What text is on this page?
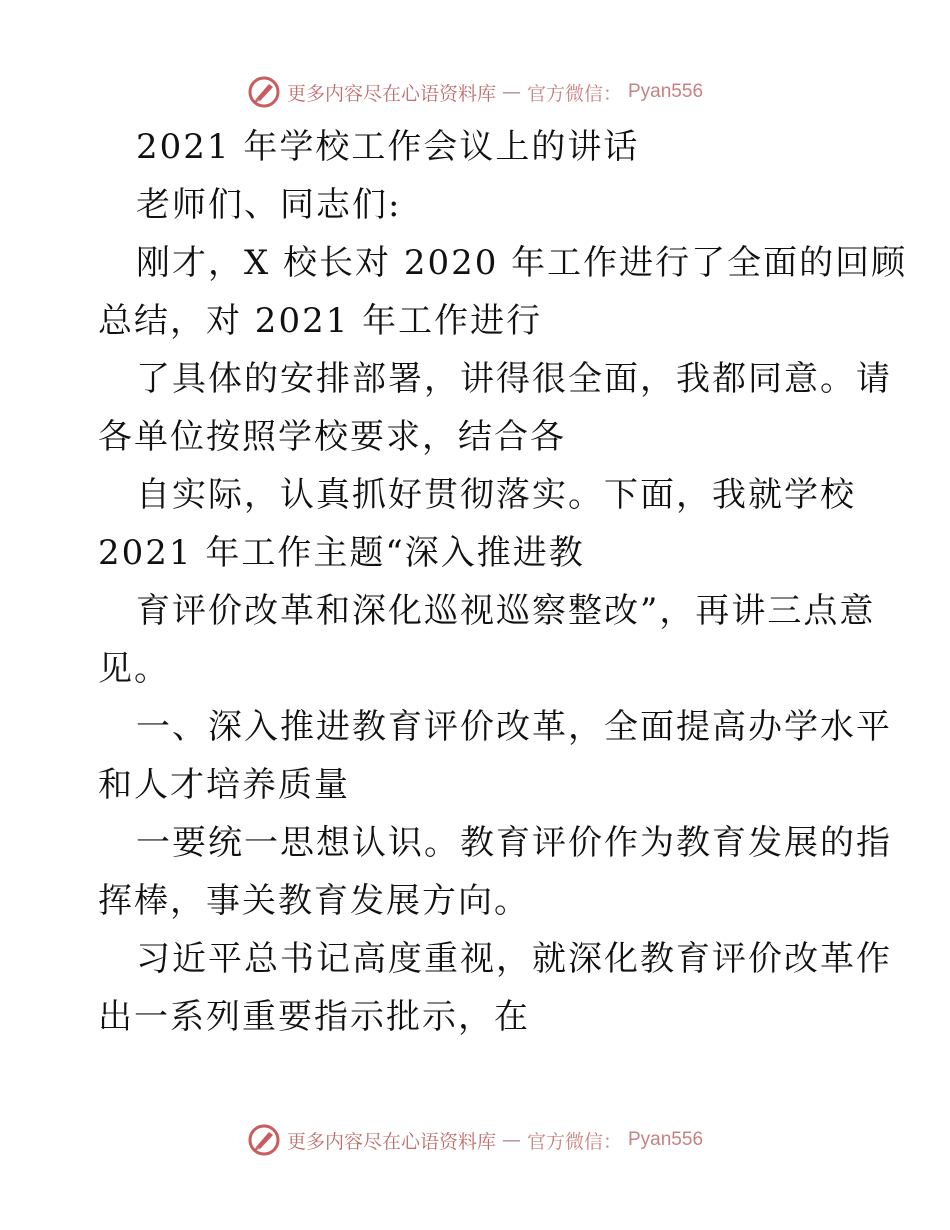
更多内容尽在心语资料库 — 官方微信： Pyan556
2021 年学校工作会议上的讲话
老师们、同志们:
刚才，X 校长对 2020 年工作进行了全面的回顾
总结，对 2021 年工作进行
了具体的安排部署，讲得很全面，我都同意。请
各单位按照学校要求，结合各
自实际，认真抓好贯彻落实。下面，我就学校
2021 年工作主题“深入推进教
育评价改革和深化巡视巡察整改”，再讲三点意
见。
一、深入推进教育评价改革，全面提高办学水平
和人才培养质量
一要统一思想认识。教育评价作为教育发展的指
挥棒，事关教育发展方向。
习近平总书记高度重视，就深化教育评价改革作
出一系列重要指示批示，在
更多内容尽在心语资料库 — 官方微信： Pyan556
